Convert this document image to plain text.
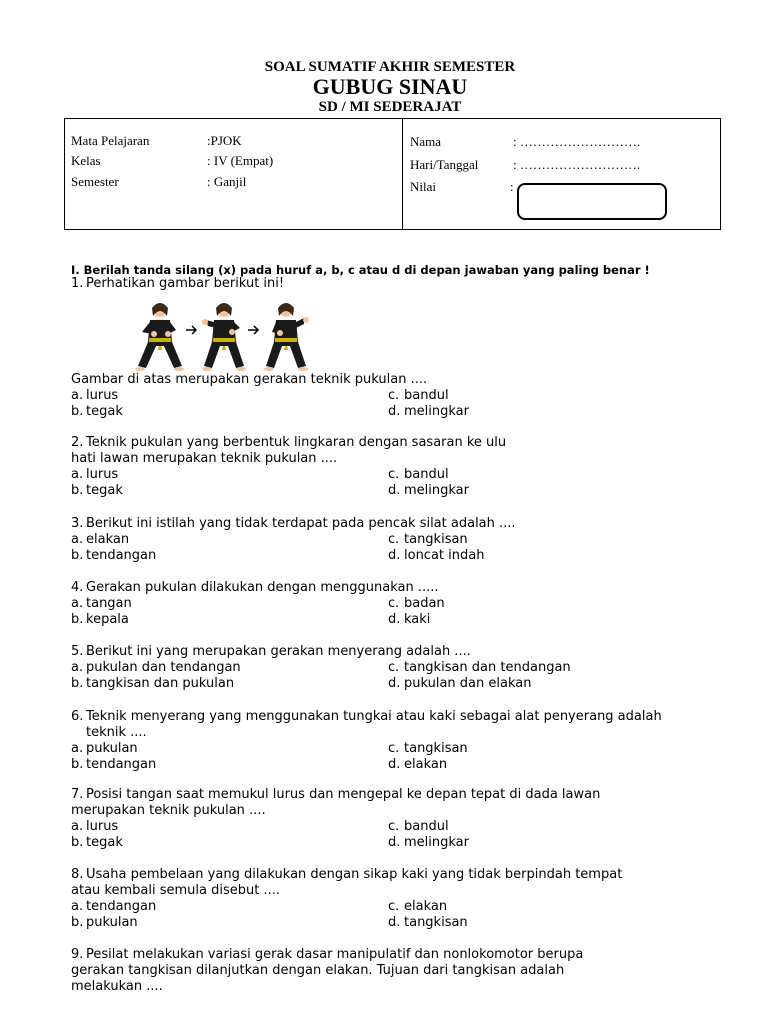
SOAL SUMATIF AKHIR SEMESTER
GUBUG SINAU
SD / MI SEDERAJAT
Mata Pelajaran	:PJOK
Kelas	: IV (Empat)
Semester	: Ganjil
Nama	: ……………………….
Hari/Tanggal	: ……………………….
Nilai	:
I. Berilah tanda silang (x) pada huruf a, b, c atau d di depan jawaban yang paling benar !
1. Perhatikan gambar berikut ini!
Gambar di atas merupakan gerakan teknik pukulan ....
a. lurus	c. bandul
b. tegak	d. melingkar
2. Teknik pukulan yang berbentuk lingkaran dengan sasaran ke ulu
hati lawan merupakan teknik pukulan ....
a. lurus	c. bandul
b. tegak	d. melingkar
3. Berikut ini istilah yang tidak terdapat pada pencak silat adalah ....
a. elakan	c. tangkisan
b. tendangan	d. loncat indah
4. Gerakan pukulan dilakukan dengan menggunakan .....
a. tangan	c. badan
b. kepala	d. kaki
5. Berikut ini yang merupakan gerakan menyerang adalah ....
a. pukulan dan tendangan	c. tangkisan dan tendangan
b. tangkisan dan pukulan	d. pukulan dan elakan
6. Teknik menyerang yang menggunakan tungkai atau kaki sebagai alat penyerang adalah
teknik ....
a. pukulan	c. tangkisan
b. tendangan	d. elakan
7. Posisi tangan saat memukul lurus dan mengepal ke depan tepat di dada lawan
merupakan teknik pukulan ....
a. lurus	c. bandul
b. tegak	d. melingkar
8. Usaha pembelaan yang dilakukan dengan sikap kaki yang tidak berpindah tempat
atau kembali semula disebut ....
a. tendangan	c. elakan
b. pukulan	d. tangkisan
9. Pesilat melakukan variasi gerak dasar manipulatif dan nonlokomotor berupa
gerakan tangkisan dilanjutkan dengan elakan. Tujuan dari tangkisan adalah
melakukan ....
